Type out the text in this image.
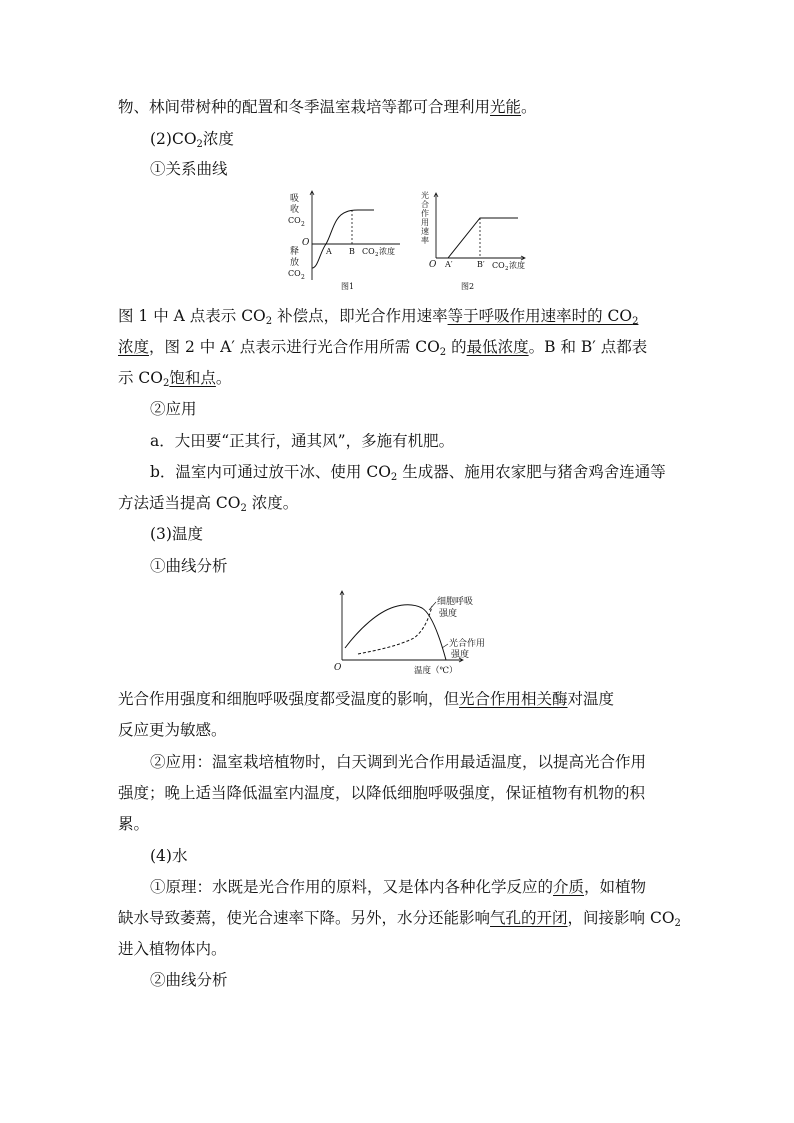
物、林间带树种的配置和冬季温室栽培等都可合理利用光能。
$(2)CO_2$浓度
①关系曲线
吸
收
CO 2
释
放
CO 2
O
A B CO 2 浓度
图1
光
合
作
用
速
率
O A′	B′ CO 2 浓度
图2
图 1 中 A 点表示 $CO_2$ 补偿点，即光合作用速率等于呼吸作用速率时的 $CO_2$
浓度，图 2 中 A′ 点表示进行光合作用所需 $CO_2$ 的最低浓度。B 和 B′ 点都表
示 $CO_2$饱和点。
②应用
a．大田要“正其行，通其风”，多施有机肥。
b．温室内可通过放干冰、使用 $CO_2$ 生成器、施用农家肥与猪舍鸡舍连通等
方法适当提高 $CO_2$ 浓度。
(3)温度
①曲线分析
细胞呼吸
强度
光合作用
强度
O	温度（℃）
光合作用强度和细胞呼吸强度都受温度的影响，但光合作用相关酶对温度
反应更为敏感。
②应用：温室栽培植物时，白天调到光合作用最适温度，以提高光合作用
强度；晚上适当降低温室内温度，以降低细胞呼吸强度，保证植物有机物的积
累。
(4)水
①原理：水既是光合作用的原料，又是体内各种化学反应的介质，如植物
缺水导致萎蔫，使光合速率下降。另外，水分还能影响气孔的开闭，间接影响 $CO_2$
进入植物体内。
②曲线分析
